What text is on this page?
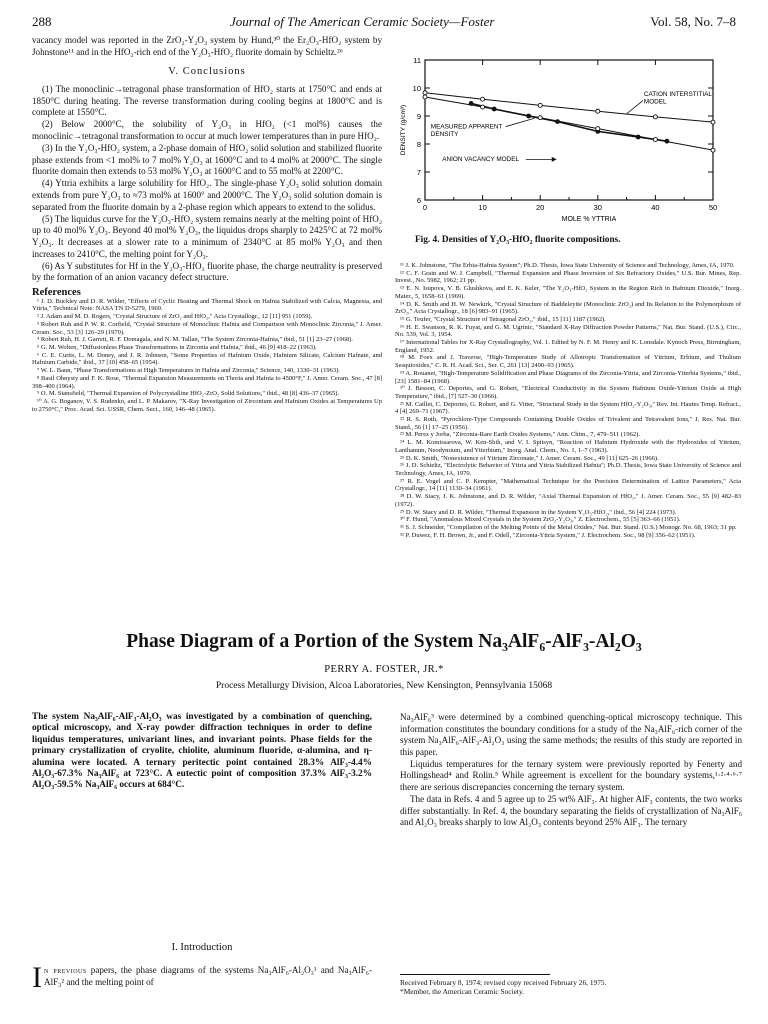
288	Journal of The American Ceramic Society—Foster	Vol. 58, No. 7–8

vacancy model was reported in the ZrO₂-Y₂O₃ system by Hund,³⁰ the Er₂O₃-HfO₂ system by Johnstone¹¹ and in the HfO₂-rich end of the Y₂O₃-HfO₂ fluorite domain by Schieltz.²⁶

V. Conclusions

(1) The monoclinic→tetragonal phase transformation of HfO₂ starts at 1750°C and ends at 1850°C during heating. The reverse transformation during cooling begins at 1800°C and is complete at 1550°C.

(2) Below 2000°C, the solubility of Y₂O₃ in HfO₂ (<1 mol%) causes the monoclinic→tetragonal transformation to occur at much lower temperatures than in pure HfO₂.

(3) In the Y₂O₃-HfO₂ system, a 2-phase domain of HfO₂ solid solution and stabilized fluorite phase extends from <1 mol% to 7 mol% Y₂O₃ at 1600°C and to 4 mol% at 2000°C. The single fluorite domain then extends to 53 mol% Y₂O₃ at 1600°C and to 55 mol% at 2200°C.

(4) Yttria exhibits a large solubility for HfO₂. The single-phase Y₂O₃ solid solution domain extends from pure Y₂O₃ to ≈73 mol% at 1600° and 2000°C. The Y₂O₃ solid solution domain is separated from the fluorite domain by a 2-phase region which appears to extend to the solidus.

(5) The liquidus curve for the Y₂O₃-HfO₂ system remains nearly at the melting point of HfO₂ up to 40 mol% Y₂O₃. Beyond 40 mol% Y₂O₃, the liquidus drops sharply to 2425°C at 72 mol% Y₂O₃. It decreases at a slower rate to a minimum of 2340°C at 85 mol% Y₂O₃ and then increases to 2410°C, the melting point for Y₂O₃.

(6) As Y substitutes for Hf in the Y₂O₃-HfO₂ fluorite phase, the charge neutrality is preserved by the formation of an anion vacancy defect structure.

References

¹ J. D. Buckley and D. R. Wilder, "Effects of Cyclic Heating and Thermal Shock on Hafnia Stabilized with Calcia, Magnesia, and Yttria," Technical Note: NASA TN D-5279, 1969.

² J. Adam and M. D. Rogers, "Crystal Structure of ZrO₂ and HfO₂," Acta Crystallogr., 12 [11] 951 (1959).

³ Robert Ruh and P. W. R. Corfield, "Crystal Structure of Monoclinic Hafnia and Comparison with Monoclinic Zirconia," J. Amer. Ceram. Soc., 53 [3] 126–29 (1970).

⁴ Robert Ruh, H. J. Garrett, R. F. Domagala, and N. M. Tallan, "The System Zirconia-Hafnia," ibid., 51 [1] 23–27 (1968).

⁵ G. M. Wolten, "Diffusionless Phase Transformations in Zirconia and Hafnia," ibid., 46 [9] 418–22 (1963).

⁶ C. E. Curtis, L. M. Doney, and J. R. Johnson, "Some Properties of Hafnium Oxide, Hafnium Silicate, Calcium Hafnate, and Hafnium Carbide," ibid., 37 [10] 458–65 (1954).

⁷ W. L. Baun, "Phase Transformations at High Temperatures in Hafnia and Zirconia," Science, 140, 1330–31 (1963).

⁸ Basil Ohnysty and F. K. Rose, "Thermal Expansion Measurements on Thoria and Hafnia to 4500°F," J. Amer. Ceram. Soc., 47 [8] 398–400 (1964).

⁹ O. M. Stansfield, "Thermal Expansion of Polycrystalline HfO₂-ZrO₂ Solid Solutions," ibid., 48 [8] 436–37 (1965).

¹⁰ A. G. Boganov, V. S. Rudenko, and L. P. Makarov, "X-Ray Investigation of Zirconium and Hafnium Oxides at Temperatures Up to 2750°C," Proc. Acad. Sci. USSR, Chem. Sect., 160, 146–48 (1965).

0	10	20	30	40	50
6
7
8
9
10
11
MOLE % YTTRIA
DENSITY (g/cm³)
CATION INTERSTITIAL
MODEL
MEASURED APPARENT
DENSITY
ANION VACANCY MODEL
Fig. 4. Densities of Y₂O₃-HfO₂ fluorite compositions.

¹¹ J. K. Johnstone, "The Erbia-Hafnia System"; Ph.D. Thesis, Iowa State University of Science and Technology, Ames, IA, 1970.

¹² C. F. Grain and W. J. Campbell, "Thermal Expansion and Phase Inversion of Six Refractory Oxides," U.S. Bur. Mines, Rep. Invest., No. 5982, 1962; 21 pp.

¹³ E. N. Isupova, V. B. Glushkova, and E. K. Keler, "The Y₂O₃-HfO₂ System in the Region Rich in Hafnium Dioxide," Inorg. Mater., 5, 1658–61 (1969).

¹⁴ D. K. Smith and H. W. Newkirk, "Crystal Structure of Baddeleyite (Monoclinic ZrO₂) and Its Relation to the Polymorphism of ZrO₂," Acta Crystallogr., 18 [6] 983–91 (1965).

¹⁵ G. Teufer, "Crystal Structure of Tetragonal ZrO₂," ibid., 15 [11] 1187 (1962).

¹⁶ H. E. Swanson, R. K. Fuyat, and G. M. Ugrinic, "Standard X-Ray Diffraction Powder Patterns," Nat. Bur. Stand. (U.S.), Circ., No. 539, Vol. 3, 1954.

¹⁷ International Tables for X-Ray Crystallography, Vol. 1. Edited by N. F. M. Henry and K. Lonsdale. Kynoch Press, Birmingham, England, 1952.

¹⁸ M. Foex and J. Traverse, "High-Temperature Study of Allotropic Transformation of Yttrium, Erbium, and Thulium Sesquioxides," C. R. H. Acad. Sci., Ser. C, 261 [13] 2490–93 (1965).

¹⁹ A. Rouanet, "High-Temperature Solidification and Phase Diagrams of the Zirconia-Yttria, and Zirconia-Ytterbia Systems," ibid., [23] 1581–84 (1968).

²⁰ J. Besson, C. Deportes, and G. Robert, "Electrical Conductivity in the System Hafnium Oxide-Yttrium Oxide at High Temperature," ibid., [7] 527–30 (1966).

²¹ M. Caillet, C. Deportes, G. Robert, and G. Vitter, "Structural Study in the System HfO₂-Y₂O₃," Rev. Int. Hautes Temp. Refract., 4 [4] 269–71 (1967).

²² R. S. Roth, "Pyrochlore-Type Compounds Containing Double Oxides of Trivalent and Tetravalent Ions," J. Res. Nat. Bur. Stand., 56 [1] 17–25 (1956).

²³ M. Perez y Jorba, "Zirconia-Rare Earth Oxides Systems," Ann. Chim., 7, 479–511 (1962).

²⁴ L. M. Komissarova, W. Ken-Shih, and V. I. Spitsyn, "Reaction of Hafnium Hydroxide with the Hydroxides of Yttrium, Lanthanum, Neodymium, and Ytterbium," Inorg. Anal. Chem., No. 1, 1–7 (1963).

²⁵ D. K. Smith, "Nonexistence of Yttrium Zirconate," J. Amer. Ceram. Soc., 49 [11] 625–26 (1966).

²⁶ J. D. Schieltz, "Electrolytic Behavior of Yttria and Yttria Stabilized Hafnia"; Ph.D. Thesis, Iowa State University of Science and Technology, Ames, IA, 1970.

²⁷ R. E. Vogel and C. P. Kempter, "Mathematical Technique for the Precision Determination of Lattice Parameters," Acta Crystallogr., 14 [11] 1130–34 (1961).

²⁸ D. W. Stacy, J. K. Johnstone, and D. R. Wilder, "Axial Thermal Expansion of HfO₂," J. Amer. Ceram. Soc., 55 [9] 482–83 (1972).

²⁹ D. W. Stacy and D. R. Wilder, "Thermal Expansion in the System Y₂O₃-HfO₂," ibid., 56 [4] 224 (1973).

³⁰ F. Hund, "Anomalous Mixed Crystals in the System ZrO₂-Y₂O₃," Z. Electrochem., 55 [5] 363–66 (1951).

³¹ S. J. Schneider, "Compilation of the Melting Points of the Metal Oxides," Nat. Bur. Stand. (U.S.) Monogr. No. 68, 1963; 31 pp.

³² P. Duwez, F. H. Brown, Jr., and F. Odell, "Zirconia-Yttria System," J. Electrochem. Soc., 98 [9] 356–62 (1951).

Phase Diagram of a Portion of the System Na₃AlF₆-AlF₃-Al₂O₃
PERRY A. FOSTER, JR.*
Process Metallurgy Division, Alcoa Laboratories, New Kensington, Pennsylvania 15068
The system Na₃AlF₆-AlF₃-Al₂O₃ was investigated by a combination of quenching, optical microscopy, and X-ray powder diffraction techniques in order to define liquidus temperatures, univariant lines, and invariant points. Phase fields for the primary crystallization of cryolite, chiolite, aluminum fluoride, α-alumina, and η-alumina were located. A ternary peritectic point contained 28.3% AlF₃-4.4% Al₂O₃-67.3% Na₃AlF₆ at 723°C. A eutectic point of composition 37.3% AlF₃-3.2% Al₂O₃-59.5% Na₃AlF₆ occurs at 684°C.
I. Introduction
In previous papers, the phase diagrams of the systems Na₃AlF₆-Al₂O₃¹ and Na₃AlF₆-AlF₃² and the melting point of

Na₃AlF₆³ were determined by a combined quenching-optical microscopy technique. This information constitutes the boundary conditions for a study of the Na₃AlF₆-rich corner of the system Na₃AlF₆-AlF₃-Al₂O₃ using the same methods; the results of this study are reported in this paper.

Liquidus temperatures for the ternary system were previously reported by Fenerty and Hollingshead⁴ and Rolin.⁵ While agreement is excellent for the boundary systems,¹·²·⁴·⁶·⁷ there are serious discrepancies concerning the ternary system.

The data in Refs. 4 and 5 agree up to 25 wt% AlF₃. At higher AlF₃ contents, the two works differ substantially. In Ref. 4, the boundary separating the fields of crystallization of Na₃AlF₆ and Al₂O₃ breaks sharply to low Al₂O₃ contents beyond 25% AlF₃. The ternary

Received February 8, 1974; revised copy received February 26, 1975.
*Member, the American Ceramic Society.
